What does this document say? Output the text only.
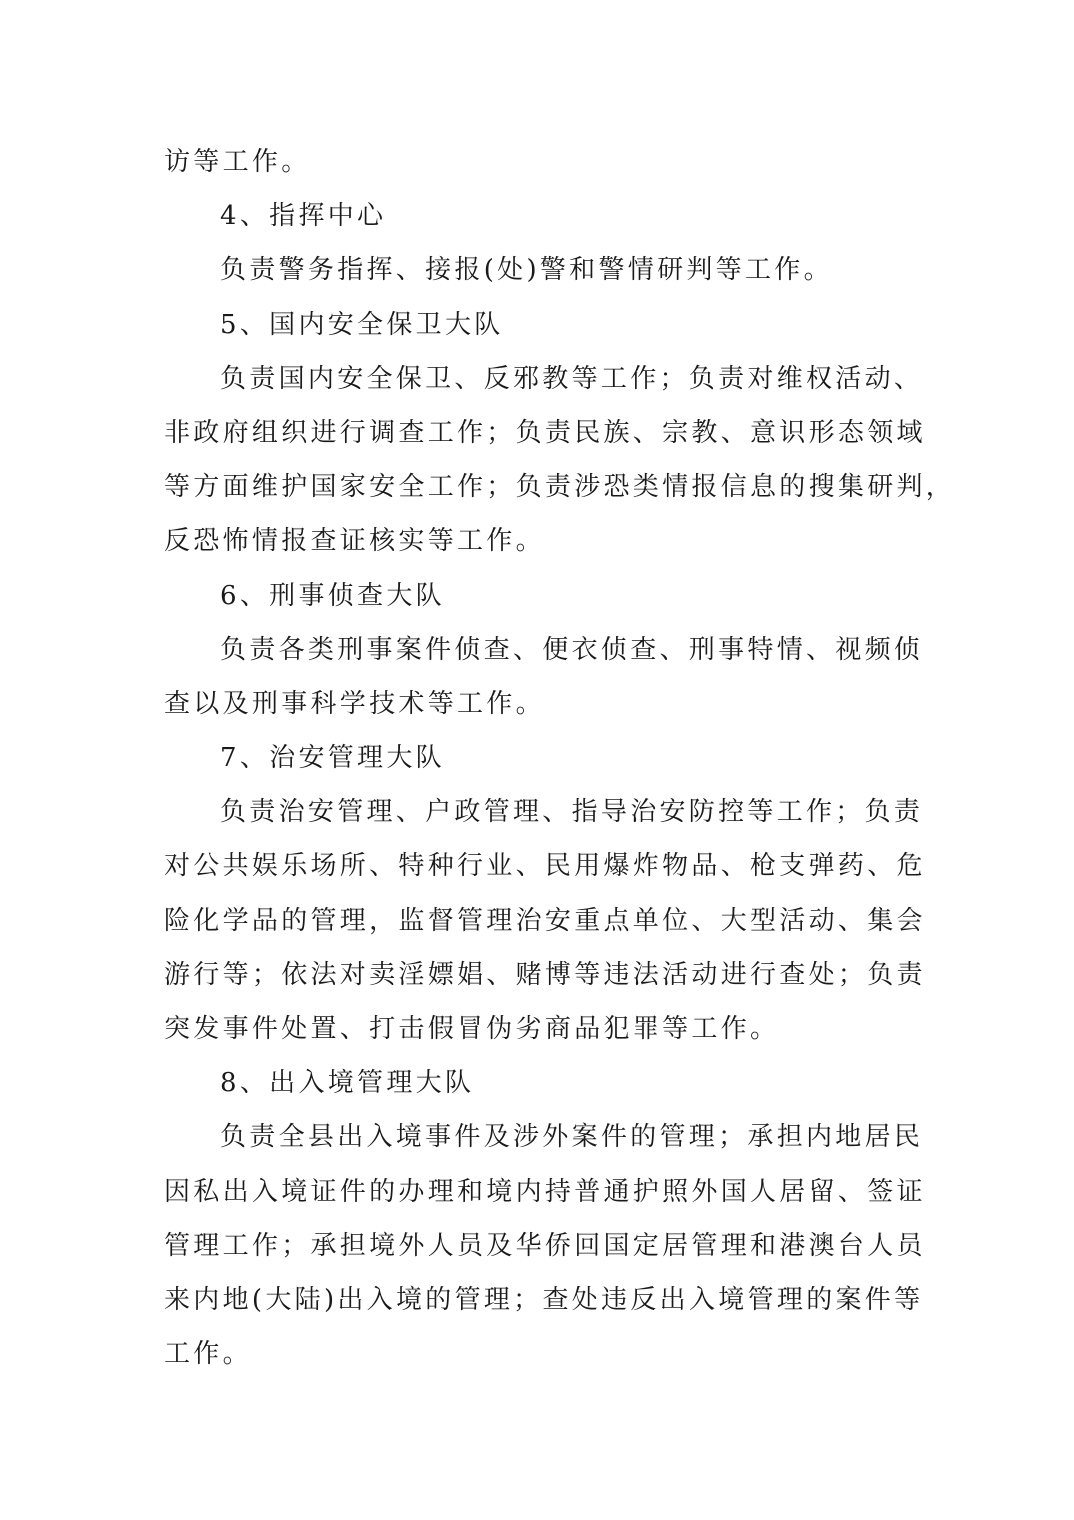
访等工作。

4、指挥中心

负责警务指挥、接报(处)警和警情研判等工作。

5、国内安全保卫大队

负责国内安全保卫、反邪教等工作；负责对维权活动、

非政府组织进行调查工作；负责民族、宗教、意识形态领域

等方面维护国家安全工作；负责涉恐类情报信息的搜集研判，

反恐怖情报查证核实等工作。

6、刑事侦查大队

负责各类刑事案件侦查、便衣侦查、刑事特情、视频侦

查以及刑事科学技术等工作。

7、治安管理大队

负责治安管理、户政管理、指导治安防控等工作；负责

对公共娱乐场所、特种行业、民用爆炸物品、枪支弹药、危

险化学品的管理，监督管理治安重点单位、大型活动、集会

游行等；依法对卖淫嫖娼、赌博等违法活动进行查处；负责

突发事件处置、打击假冒伪劣商品犯罪等工作。

8、出入境管理大队

负责全县出入境事件及涉外案件的管理；承担内地居民

因私出入境证件的办理和境内持普通护照外国人居留、签证

管理工作；承担境外人员及华侨回国定居管理和港澳台人员

来内地(大陆)出入境的管理；查处违反出入境管理的案件等

工作。
